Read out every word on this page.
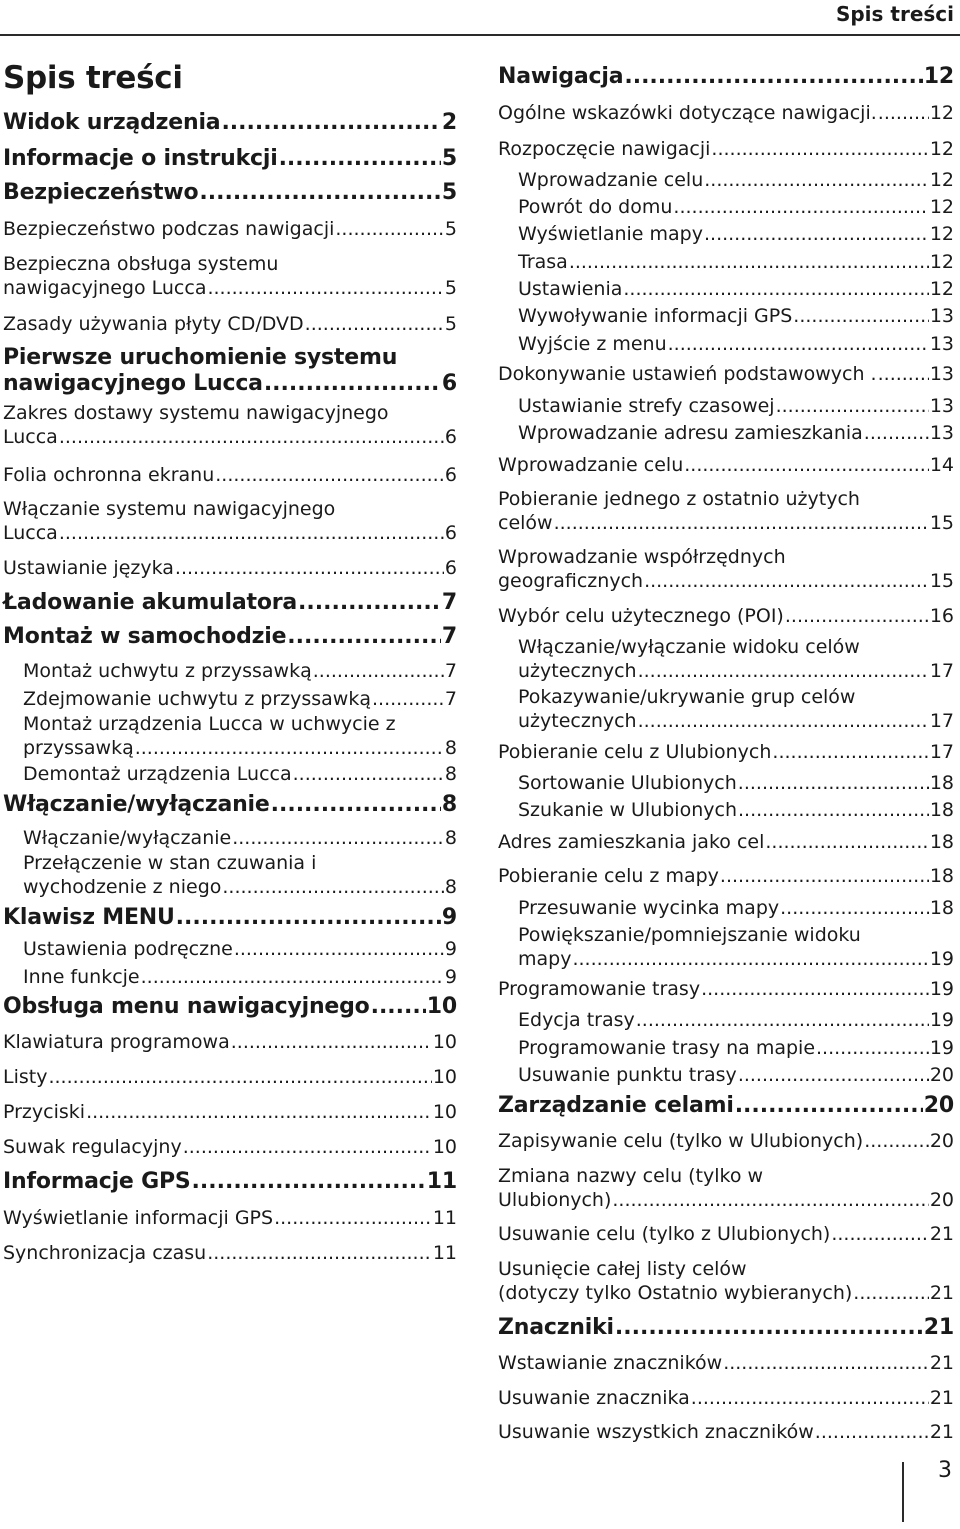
Spis treści
Spis treści
Widok urządzenia .....	2
Informacje o instrukcji .....	5
Bezpieczeństwo .....	5
Bezpieczeństwo podczas nawigacji .....	5
Bezpieczna obsługa systemu
nawigacyjnego Lucca .....	5
Zasady używania płyty CD/DVD .....	5
Pierwsze uruchomienie systemu
nawigacyjnego Lucca .....	6
Zakres dostawy systemu nawigacyjnego
Lucca .....	6
Folia ochronna ekranu .....	6
Włączanie systemu nawigacyjnego
Lucca .....	6
Ustawianie języka .....	6
Ładowanie akumulatora .....	7
Montaż w samochodzie .....	7
Montaż uchwytu z przyssawką .....	7
Zdejmowanie uchwytu z przyssawką .....	7
Montaż urządzenia Lucca w uchwycie z
przyssawką .....	8
Demontaż urządzenia Lucca .....	8
Włączanie/wyłączanie .....	8
Włączanie/wyłączanie .....	8
Przełączenie w stan czuwania i
wychodzenie z niego .....	8
Klawisz MENU .....	9
Ustawienia podręczne .....	9
Inne funkcje .....	9
Obsługa menu nawigacyjnego .....	10
Klawiatura programowa .....	10
Listy .....	10
Przyciski .....	10
Suwak regulacyjny .....	10
Informacje GPS .....	11
Wyświetlanie informacji GPS .....	11
Synchronizacja czasu .....	11
Nawigacja .....	12
Ogólne wskazówki dotyczące nawigacji. .....	12
Rozpoczęcie nawigacji .....	12
Wprowadzanie celu .....	12
Powrót do domu .....	12
Wyświetlanie mapy .....	12
Trasa .....	12
Ustawienia .....	12
Wywoływanie informacji GPS .....	13
Wyjście z menu .....	13
Dokonywanie ustawień podstawowych . .....	13
Ustawianie strefy czasowej .....	13
Wprowadzanie adresu zamieszkania .....	13
Wprowadzanie celu .....	14
Pobieranie jednego z ostatnio użytych
celów .....	15
Wprowadzanie współrzędnych
geograficznych .....	15
Wybór celu użytecznego (POI) .....	16
Włączanie/wyłączanie widoku celów
użytecznych .....	17
Pokazywanie/ukrywanie grup celów
użytecznych .....	17
Pobieranie celu z Ulubionych .....	17
Sortowanie Ulubionych .....	18
Szukanie w Ulubionych .....	18
Adres zamieszkania jako cel .....	18
Pobieranie celu z mapy .....	18
Przesuwanie wycinka mapy .....	18
Powiększanie/pomniejszanie widoku
mapy .....	19
Programowanie trasy .....	19
Edycja trasy .....	19
Programowanie trasy na mapie .....	19
Usuwanie punktu trasy .....	20
Zarządzanie celami .....	20
Zapisywanie celu (tylko w Ulubionych) .....	20
Zmiana nazwy celu (tylko w
Ulubionych) .....	20
Usuwanie celu (tylko z Ulubionych) .....	21
Usunięcie całej listy celów
(dotyczy tylko Ostatnio wybieranych) .....	21
Znaczniki .....	21
Wstawianie znaczników .....	21
Usuwanie znacznika .....	21
Usuwanie wszystkich znaczników .....	21
3
